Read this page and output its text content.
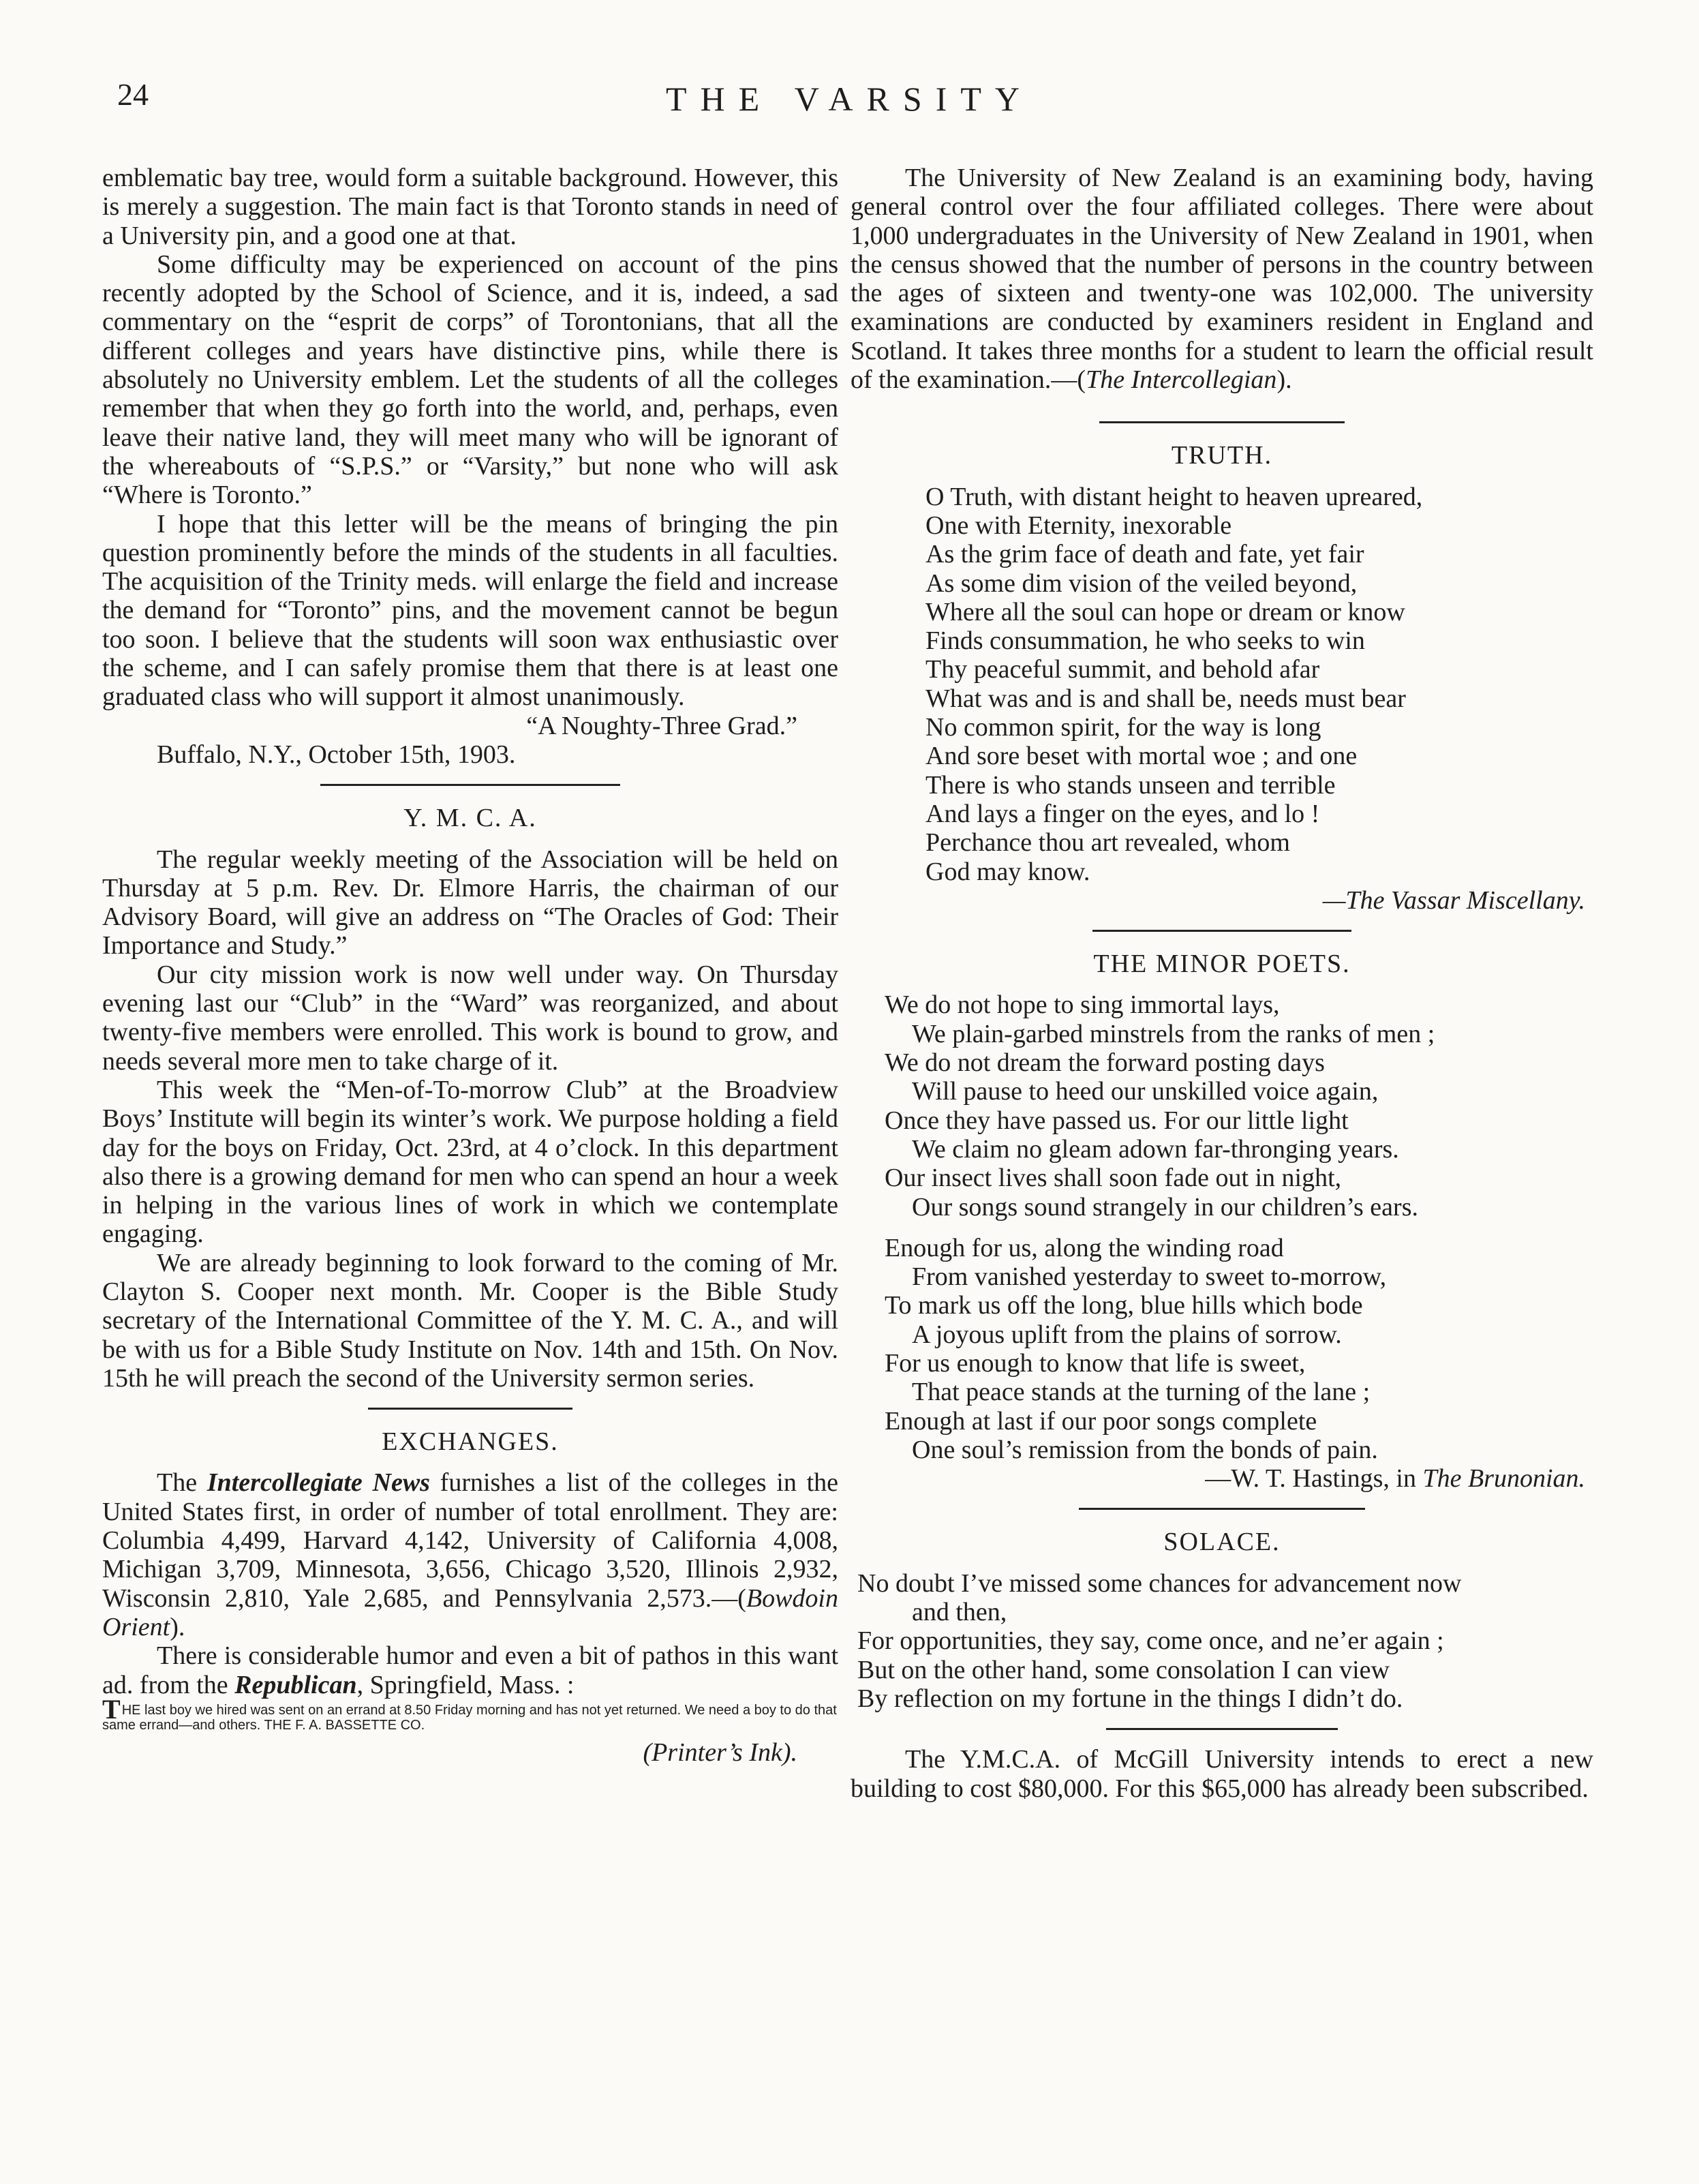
24	THE VARSITY

emblematic bay tree, would form a suitable background. However, this is merely a suggestion. The main fact is that Toronto stands in need of a University pin, and a good one at that.

Some difficulty may be experienced on account of the pins recently adopted by the School of Science, and it is, indeed, a sad commentary on the “esprit de corps” of Torontonians, that all the different colleges and years have distinctive pins, while there is absolutely no University emblem. Let the students of all the colleges remember that when they go forth into the world, and, perhaps, even leave their native land, they will meet many who will be ignorant of the whereabouts of “S.P.S.” or “Varsity,” but none who will ask “Where is Toronto.”

I hope that this letter will be the means of bringing the pin question prominently before the minds of the students in all faculties. The acquisition of the Trinity meds. will enlarge the field and increase the demand for “Toronto” pins, and the movement cannot be begun too soon. I believe that the students will soon wax enthusiastic over the scheme, and I can safely promise them that there is at least one graduated class who will support it almost unanimously.

“A Noughty-Three Grad.”
Buffalo, N.Y., October 15th, 1903.
Y. M. C. A.

The regular weekly meeting of the Association will be held on Thursday at 5 p.m. Rev. Dr. Elmore Harris, the chairman of our Advisory Board, will give an address on “The Oracles of God: Their Importance and Study.”

Our city mission work is now well under way. On Thursday evening last our “Club” in the “Ward” was reorganized, and about twenty-five members were enrolled. This work is bound to grow, and needs several more men to take charge of it.

This week the “Men-of-To-morrow Club” at the Broadview Boys’ Institute will begin its winter’s work. We purpose holding a field day for the boys on Friday, Oct. 23rd, at 4 o’clock. In this department also there is a growing demand for men who can spend an hour a week in helping in the various lines of work in which we contemplate engaging.

We are already beginning to look forward to the coming of Mr. Clayton S. Cooper next month. Mr. Cooper is the Bible Study secretary of the International Committee of the Y. M. C. A., and will be with us for a Bible Study Institute on Nov. 14th and 15th. On Nov. 15th he will preach the second of the University sermon series.

EXCHANGES.

The Intercollegiate News furnishes a list of the colleges in the United States first, in order of number of total enrollment. They are: Columbia 4,499, Harvard 4,142, University of California 4,008, Michigan 3,709, Minnesota, 3,656, Chicago 3,520, Illinois 2,932, Wisconsin 2,810, Yale 2,685, and Pennsylvania 2,573.—(Bowdoin Orient).

There is considerable humor and even a bit of pathos in this want ad. from the Republican, Springfield, Mass. :

THE last boy we hired was sent on an errand at 8.50 Friday morning and has not yet returned. We need a boy to do that same errand—and others. THE F. A. BASSETTE CO.
(Printer’s Ink).

The University of New Zealand is an examining body, having general control over the four affiliated colleges. There were about 1,000 undergraduates in the University of New Zealand in 1901, when the census showed that the number of persons in the country between the ages of sixteen and twenty-one was 102,000. The university examinations are conducted by examiners resident in England and Scotland. It takes three months for a student to learn the official result of the examination.—(The Intercollegian).

TRUTH.
O Truth, with distant height to heaven upreared,
One with Eternity, inexorable
As the grim face of death and fate, yet fair
As some dim vision of the veiled beyond,
Where all the soul can hope or dream or know
Finds consummation, he who seeks to win
Thy peaceful summit, and behold afar
What was and is and shall be, needs must bear
No common spirit, for the way is long
And sore beset with mortal woe ; and one
There is who stands unseen and terrible
And lays a finger on the eyes, and lo !
Perchance thou art revealed, whom
God may know.
—The Vassar Miscellany.
THE MINOR POETS.
We do not hope to sing immortal lays,
We plain-garbed minstrels from the ranks of men ;
We do not dream the forward posting days
Will pause to heed our unskilled voice again,
Once they have passed us. For our little light
We claim no gleam adown far-thronging years.
Our insect lives shall soon fade out in night,
Our songs sound strangely in our children’s ears.
Enough for us, along the winding road
From vanished yesterday to sweet to-morrow,
To mark us off the long, blue hills which bode
A joyous uplift from the plains of sorrow.
For us enough to know that life is sweet,
That peace stands at the turning of the lane ;
Enough at last if our poor songs complete
One soul’s remission from the bonds of pain.
—W. T. Hastings, in The Brunonian.
SOLACE.
No doubt I’ve missed some chances for advancement now
and then,
For opportunities, they say, come once, and ne’er again ;
But on the other hand, some consolation I can view
By reflection on my fortune in the things I didn’t do.

The Y.M.C.A. of McGill University intends to erect a new building to cost $80,000. For this $65,000 has already been subscribed.
